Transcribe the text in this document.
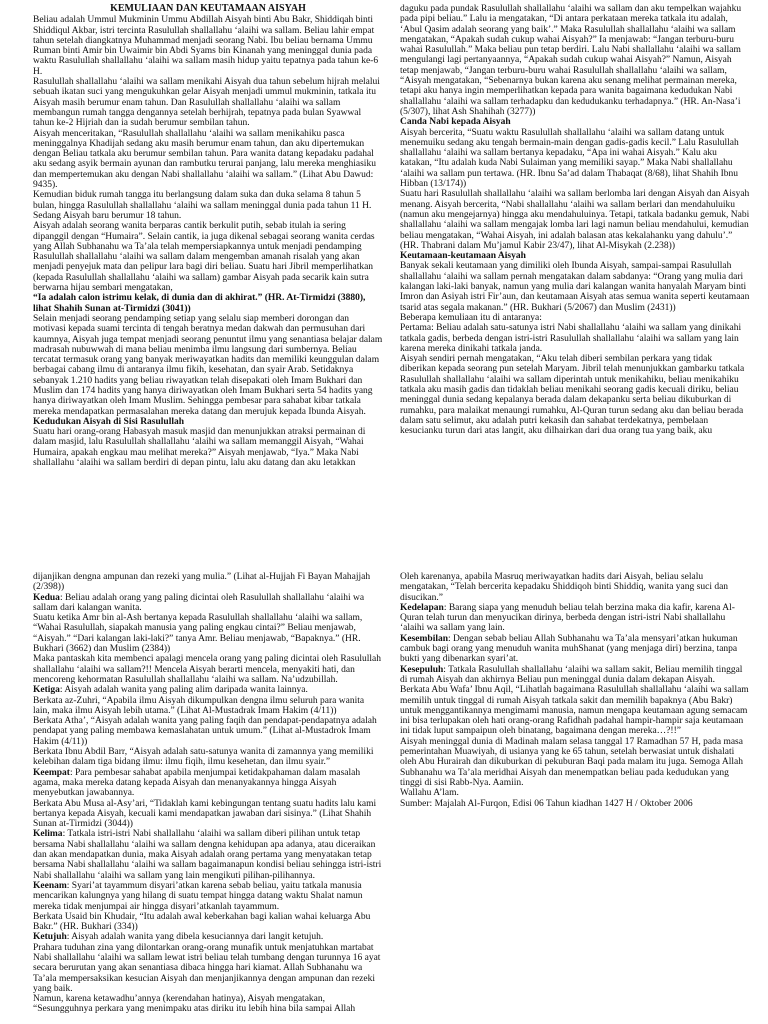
KEMULIAAN DAN KEUTAMAAN AISYAH

Beliau adalah Ummul Mukminin Ummu Abdillah Aisyah binti Abu Bakr, Shiddiqah binti Shiddiqul Akbar, istri tercinta Rasulullah shallallahu ‘alaihi wa sallam. Beliau lahir empat tahun setelah diangkatnya Muhammad menjadi seorang Nabi. Ibu beliau bernama Ummu Ruman binti Amir bin Uwaimir bin Abdi Syams bin Kinanah yang meninggal dunia pada waktu Rasulullah shallallahu ‘alaihi wa sallam masih hidup yaitu tepatnya pada tahun ke-6 H.

Rasulullah shallallahu ‘alaihi wa sallam menikahi Aisyah dua tahun sebelum hijrah melalui sebuah ikatan suci yang mengukuhkan gelar Aisyah menjadi ummul mukminin, tatkala itu Aisyah masih berumur enam tahun. Dan Rasulullah shallallahu ‘alaihi wa sallam membangun rumah tangga dengannya setelah berhijrah, tepatnya pada bulan Syawwal tahun ke-2 Hijriah dan ia sudah berumur sembilan tahun.

Aisyah menceritakan, “Rasulullah shallallahu ‘alaihi wa sallam menikahiku pasca meninggalnya Khadijah sedang aku masih berumur enam tahun, dan aku dipertemukan dengan Beliau tatkala aku berumur sembilan tahun. Para wanita datang kepadaku padahal aku sedang asyik bermain ayunan dan rambutku terurai panjang, lalu mereka menghiasiku dan mempertemukan aku dengan Nabi shallallahu ‘alaihi wa sallam.” (Lihat Abu Dawud: 9435).

Kemudian biduk rumah tangga itu berlangsung dalam suka dan duka selama 8 tahun 5 bulan, hingga Rasulullah shallallahu ‘alaihi wa sallam meninggal dunia pada tahun 11 H. Sedang Aisyah baru berumur 18 tahun.

Aisyah adalah seorang wanita berparas cantik berkulit putih, sebab itulah ia sering dipanggil dengan “Humaira”. Selain cantik, ia juga dikenal sebagai seorang wanita cerdas yang Allah Subhanahu wa Ta’ala telah mempersiapkannya untuk menjadi pendamping Rasulullah shallallahu ‘alaihi wa sallam dalam mengemban amanah risalah yang akan menjadi penyejuk mata dan pelipur lara bagi diri beliau. Suatu hari Jibril memperlihatkan (kepada Rasulullah shallallahu ‘alaihi wa sallam) gambar Aisyah pada secarik kain sutra berwarna hijau sembari mengatakan,

“Ia adalah calon istrimu kelak, di dunia dan di akhirat.” (HR. At-Tirmidzi (3880), lihat Shahih Sunan at-Tirmidzi (3041))

Selain menjadi seorang pendamping setiap yang selalu siap memberi dorongan dan motivasi kepada suami tercinta di tengah beratnya medan dakwah dan permusuhan dari kaumnya, Aisyah juga tempat menjadi seorang penuntut ilmu yang senantiasa belajar dalam madrasah nubuwwah di mana beliau menimba ilmu langsung dari sumbernya. Beliau tercatat termasuk orang yang banyak meriwayatkan hadits dan memiliki keunggulan dalam berbagai cabang ilmu di antaranya ilmu fikih, kesehatan, dan syair Arab. Setidaknya sebanyak 1.210 hadits yang beliau riwayatkan telah disepakati oleh Imam Bukhari dan Muslim dan 174 hadits yang hanya diriwayatkan oleh Imam Bukhari serta 54 hadits yang hanya diriwayatkan oleh Imam Muslim. Sehingga pembesar para sahabat kibar tatkala mereka mendapatkan permasalahan mereka datang dan merujuk kepada Ibunda Aisyah.

Kedudukan Aisyah di Sisi Rasulullah

Suatu hari orang-orang Habasyah masuk masjid dan menunjukkan atraksi permainan di dalam masjid, lalu Rasulullah shallallahu ‘alaihi wa sallam memanggil Aisyah, “Wahai Humaira, apakah engkau mau melihat mereka?” Aisyah menjawab, “Iya.” Maka Nabi shallallahu ‘alaihi wa sallam berdiri di depan pintu, lalu aku datang dan aku letakkan

daguku pada pundak Rasulullah shallallahu ‘alaihi wa sallam dan aku tempelkan wajahku pada pipi beliau.” Lalu ia mengatakan, “Di antara perkataan mereka tatkala itu adalah, ‘Abul Qasim adalah seorang yang baik’.” Maka Rasulullah shallallahu ‘alaihi wa sallam mengatakan, “Apakah sudah cukup wahai Aisyah?” Ia menjawab: “Jangan terburu-buru wahai Rasulullah.” Maka beliau pun tetap berdiri. Lalu Nabi shallallahu ‘alaihi wa sallam mengulangi lagi pertanyaannya, “Apakah sudah cukup wahai Aisyah?” Namun, Aisyah tetap menjawab, “Jangan terburu-buru wahai Rasulullah shallallahu ‘alaihi wa sallam, “Aisyah mengatakan, “Sebenarnya bukan karena aku senang melihat permainan mereka, tetapi aku hanya ingin memperlihatkan kepada para wanita bagaimana kedudukan Nabi shallallahu ‘alaihi wa sallam terhadapku dan kedudukanku terhadapnya.” (HR. An-Nasa’i (5/307), lihat Ash Shahihah (3277))

Canda Nabi kepada Aisyah

Aisyah bercerita, “Suatu waktu Rasulullah shallallahu ‘alaihi wa sallam datang untuk menemuiku sedang aku tengah bermain-main dengan gadis-gadis kecil.” Lalu Rasulullah shallallahu ‘alaihi wa sallam bertanya kepadaku, “Apa ini wahai Aisyah.” Kalu aku katakan, “Itu adalah kuda Nabi Sulaiman yang memiliki sayap.” Maka Nabi shallallahu ‘alaihi wa sallam pun tertawa. (HR. Ibnu Sa’ad dalam Thabaqat (8/68), lihat Shahih Ibnu Hibban (13/174))

Suatu hari Rasulullah shallallahu ‘alaihi wa sallam berlomba lari dengan Aisyah dan Aisyah menang. Aisyah bercerita, “Nabi shallallahu ‘alaihi wa sallam berlari dan mendahuluiku (namun aku mengejarnya) hingga aku mendahuluinya. Tetapi, tatkala badanku gemuk, Nabi shallallahu ‘alaihi wa sallam mengajak lomba lari lagi namun beliau mendahului, kemudian beliau mengatakan, “Wahai Aisyah, ini adalah balasan atas kekalahanku yang dahulu’.” (HR. Thabrani dalam Mu’jamul Kabir 23/47), lihat Al-Misykah (2.238))

Keutamaan-keutamaan Aisyah

Banyak sekali keutamaan yang dimiliki oleh Ibunda Aisyah, sampai-sampai Rasulullah shallallahu ‘alaihi wa sallam pernah mengatakan dalam sabdanya: “Orang yang mulia dari kalangan laki-laki banyak, namun yang mulia dari kalangan wanita hanyalah Maryam binti Imron dan Asiyah istri Fir’aun, dan keutamaan Aisyah atas semua wanita seperti keutamaan tsarid atas segala makanan.” (HR. Bukhari (5/2067) dan Muslim (2431))

Beberapa kemuliaan itu di antaranya:

Pertama: Beliau adalah satu-satunya istri Nabi shallallahu ‘alaihi wa sallam yang dinikahi tatkala gadis, berbeda dengan istri-istri Rasulullah shallallahu ‘alaihi wa sallam yang lain karena mereka dinikahi tatkala janda.

Aisyah sendiri pernah mengatakan, “Aku telah diberi sembilan perkara yang tidak diberikan kepada seorang pun setelah Maryam. Jibril telah menunjukkan gambarku tatkala Rasulullah shallallahu ‘alaihi wa sallam diperintah untuk menikahiku, beliau menikahiku tatkala aku masih gadis dan tidaklah beliau menikahi seorang gadis kecuali diriku, beliau meninggal dunia sedang kepalanya berada dalam dekapanku serta beliau dikuburkan di rumahku, para malaikat menaungi rumahku, Al-Quran turun sedang aku dan beliau berada dalam satu selimut, aku adalah putri kekasih dan sahabat terdekatnya, pembelaan kesucianku turun dari atas langit, aku dilhairkan dari dua orang tua yang baik, aku

dijanjikan dengna ampunan dan rezeki yang mulia.” (Lihat al-Hujjah Fi Bayan Mahajjah (2/398))

Kedua: Beliau adalah orang yang paling dicintai oleh Rasulullah shallallahu ‘alaihi wa sallam dari kalangan wanita.

Suatu ketika Amr bin al-Ash bertanya kepada Rasulullah shallallahu ‘alaihi wa sallam, “Wahai Rasulullah, siapakah manusia yang paling engkau cintai?” Beliau menjawab, “Aisyah.” “Dari kalangan laki-laki?” tanya Amr. Beliau menjawab, “Bapaknya.” (HR. Bukhari (3662) dan Muslim (2384))

Maka pantaskah kita membenci apalagi mencela orang yang paling dicintai oleh Rasulullah shallallahu ‘alaihi wa sallam?!! Mencela Aisyah berarti mencela, menyakiti hati, dan mencoreng kehormatan Rasulullah shallallahu ‘alaihi wa sallam. Na’udzubillah.

Ketiga: Aisyah adalah wanita yang paling alim daripada wanita lainnya.

Berkata az-Zuhri, “Apabila ilmu Aisyah dikumpulkan dengna ilmu seluruh para wanita lain, maka ilmu Aisyah lebih utama.” (Lihat Al-Mustadrak Imam Hakim (4/11))

Berkata Atha’, “Aisyah adalah wanita yang paling faqih dan pendapat-pendapatnya adalah pendapat yang paling membawa kemaslahatan untuk umum.” (Lihat al-Mustadrok Imam Hakim (4/11))

Berkata Ibnu Abdil Barr, “Aisyah adalah satu-satunya wanita di zamannya yang memiliki kelebihan dalam tiga bidang ilmu: ilmu fiqih, ilmu kesehetan, dan ilmu syair.”

Keempat: Para pembesar sahabat apabila menjumpai ketidakpahaman dalam masalah agama, maka mereka datang kepada Aisyah dan menanyakannya hingga Aisyah menyebutkan jawabannya.

Berkata Abu Musa al-Asy’ari, “Tidaklah kami kebingungan tentang suatu hadits lalu kami bertanya kepada Aisyah, kecuali kami mendapatkan jawaban dari sisinya.” (Lihat Shahih Sunan at-Tirmidzi (3044))

Kelima: Tatkala istri-istri Nabi shallallahu ‘alaihi wa sallam diberi pilihan untuk tetap bersama Nabi shallallahu ‘alaihi wa sallam dengna kehidupan apa adanya, atau diceraikan dan akan mendapatkan dunia, maka Aisyah adalah orang pertama yang menyatakan tetap bersama Nabi shallallahu ‘alaihi wa sallam bagaimanapun kondisi beliau sehingga istri-istri Nabi shallallahu ‘alaihi wa sallam yang lain mengikuti pilihan-pilihannya.

Keenam: Syari’at tayammum disyari’atkan karena sebab beliau, yaitu tatkala manusia mencarikan kalungnya yang hilang di suatu tempat hingga datang waktu Shalat namun mereka tidak menjumpai air hingga disyari’atkanlah tayammum.

Berkata Usaid bin Khudair, “Itu adalah awal keberkahan bagi kalian wahai keluarga Abu Bakr.” (HR. Bukhari (334))

Ketujuh: Aisyah adalah wanita yang dibela kesuciannya dari langit ketujuh.

Prahara tuduhan zina yang dilontarkan orang-orang munafik untuk menjatuhkan martabat Nabi shallallahu ‘alaihi wa sallam lewat istri beliau telah tumbang dengan turunnya 16 ayat secara berurutan yang akan senantiasa dibaca hingga hari kiamat. Allah Subhanahu wa Ta’ala mempersaksikan kesucian Aisyah dan menjanjikannya dengan ampunan dan rezeki yang baik.

Namun, karena ketawadhu’annya (kerendahan hatinya), Aisyah mengatakan, “Sesungguhnya perkara yang menimpaku atas diriku itu lebih hina bila sampai Allah

Oleh karenanya, apabila Masruq meriwayatkan hadits dari Aisyah, beliau selalu mengatakan, “Telah bercerita kepadaku Shiddiqoh binti Shiddiq, wanita yang suci dan disucikan.”

Kedelapan: Barang siapa yang menuduh beliau telah berzina maka dia kafir, karena Al-Quran telah turun dan menyucikan dirinya, berbeda dengan istri-istri Nabi shallallahu ‘alaihi wa sallam yang lain.

Kesembilan: Dengan sebab beliau Allah Subhanahu wa Ta’ala mensyari’atkan hukuman cambuk bagi orang yang menuduh wanita muhShanat (yang menjaga diri) berzina, tanpa bukti yang dibenarkan syari’at.

Kesepuluh: Tatkala Rasulullah shallallahu ‘alaihi wa sallam sakit, Beliau memilih tinggal di rumah Aisyah dan akhirnya Beliau pun meninggal dunia dalam dekapan Aisyah.

Berkata Abu Wafa’ Ibnu Aqil, “Lihatlah bagaimana Rasulullah shallallahu ‘alaihi wa sallam memilih untuk tinggal di rumah Aisyah tatkala sakit dan memilih bapaknya (Abu Bakr) untuk menggantikannya mengimami manusia, namun mengapa keutamaan agung semacam ini bisa terlupakan oleh hati orang-orang Rafidhah padahal hampir-hampir saja keutamaan ini tidak luput sampaipun oleh binatang, bagaimana dengan mereka…?!!”

Aisyah meninggal dunia di Madinah malam selasa tanggal 17 Ramadhan 57 H, pada masa pemerintahan Muawiyah, di usianya yang ke 65 tahun, setelah berwasiat untuk dishalati oleh Abu Hurairah dan dikuburkan di pekuburan Baqi pada malam itu juga. Semoga Allah Subhanahu wa Ta’ala meridhai Aisyah dan menempatkan beliau pada kedudukan yang tinggi di sisi Rabb-Nya. Aamiin.

Wallahu A’lam.

Sumber: Majalah Al-Furqon, Edisi 06 Tahun kiadhan 1427 H / Oktober 2006
